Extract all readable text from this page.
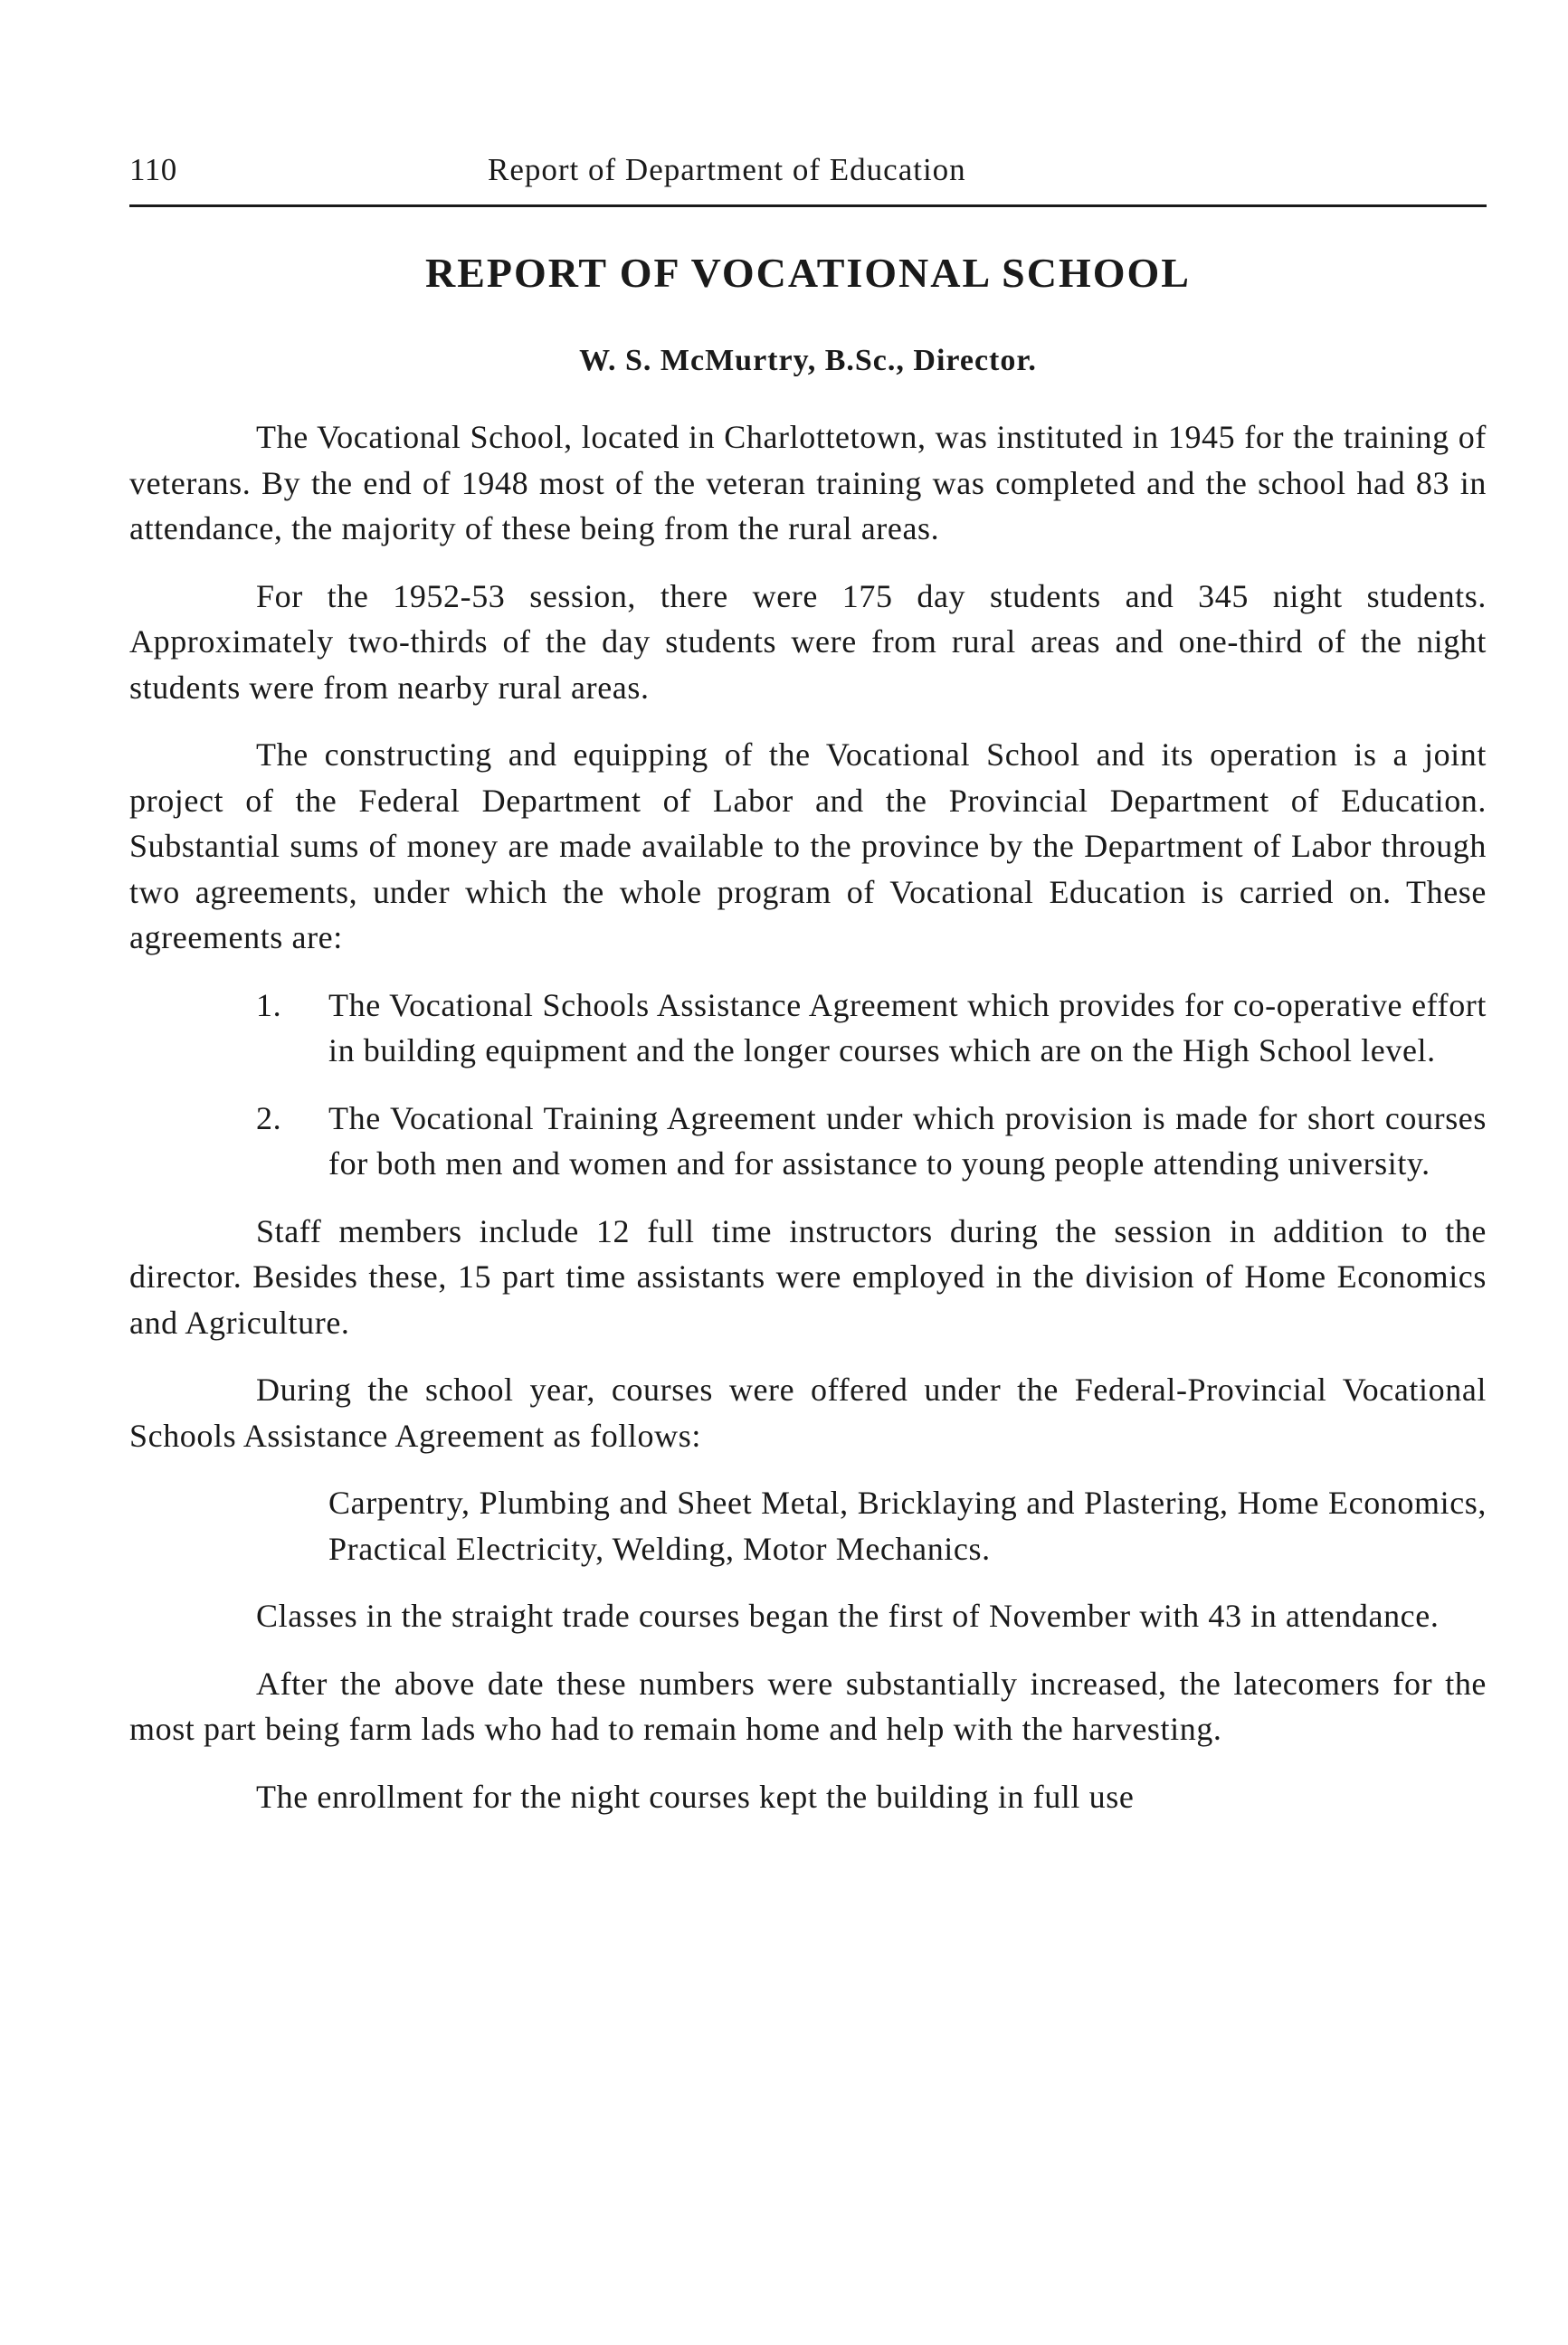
110	Report of Department of Education
REPORT OF VOCATIONAL SCHOOL
W. S. McMurtry, B.Sc., Director.

The Vocational School, located in Charlottetown, was instituted in 1945 for the training of veterans. By the end of 1948 most of the veteran training was completed and the school had 83 in attendance, the majority of these being from the rural areas.

For the 1952-53 session, there were 175 day students and 345 night students. Approximately two-thirds of the day students were from rural areas and one-third of the night students were from nearby rural areas.

The constructing and equipping of the Vocational School and its operation is a joint project of the Federal Department of Labor and the Provincial Department of Education. Substantial sums of money are made available to the province by the Department of Labor through two agreements, under which the whole program of Vocational Education is carried on. These agreements are:

1. The Vocational Schools Assistance Agreement which provides for co-operative effort in building equipment and the longer courses which are on the High School level.
2. The Vocational Training Agreement under which provision is made for short courses for both men and women and for assistance to young people attending university.

Staff members include 12 full time instructors during the session in addition to the director. Besides these, 15 part time assistants were employed in the division of Home Economics and Agriculture.

During the school year, courses were offered under the Federal-Provincial Vocational Schools Assistance Agreement as follows:

Carpentry, Plumbing and Sheet Metal, Bricklaying and Plastering, Home Economics, Practical Electricity, Welding, Motor Mechanics.

Classes in the straight trade courses began the first of November with 43 in attendance.

After the above date these numbers were substantially increased, the latecomers for the most part being farm lads who had to remain home and help with the harvesting.

The enrollment for the night courses kept the building in full use
